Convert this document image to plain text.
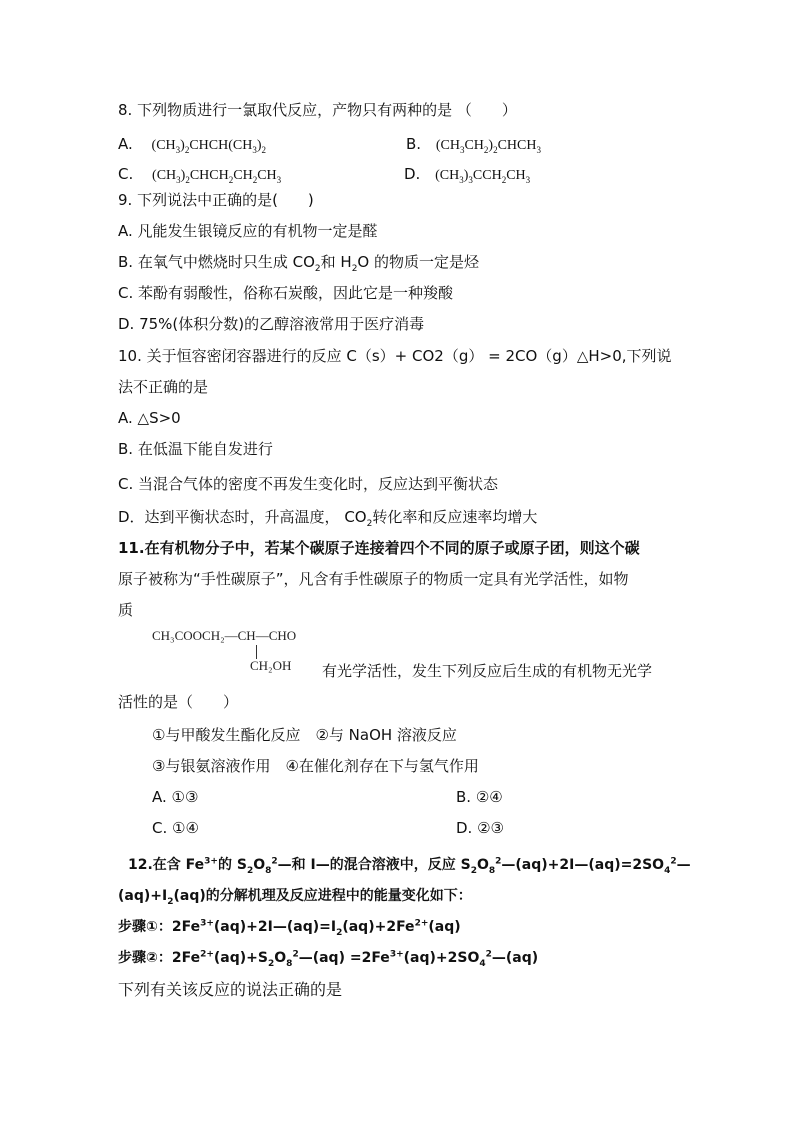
8. 下列物质进行一氯取代反应，产物只有两种的是 （　　）
A. $(CH_3)_2CHCH(CH_3)_2$	B. $(CH_3CH_2)_2CHCH_3$
C. $(CH_3)_2CHCH_2CH_2CH_3$	D. $(CH_3)_3CCH_2CH_3$
9. 下列说法中正确的是(　　)
A. 凡能发生银镜反应的有机物一定是醛
B. 在氧气中燃烧时只生成 $CO_2$和 $H_2O$ 的物质一定是烃
C. 苯酚有弱酸性，俗称石炭酸，因此它是一种羧酸
D. 75%(体积分数)的乙醇溶液常用于医疗消毒
10. 关于恒容密闭容器进行的反应 C（s）+ CO2（g） = 2CO（g）△H>0,下列说
法不正确的是
A. △S>0
B. 在低温下能自发进行
C. 当混合气体的密度不再发生变化时，反应达到平衡状态
D．达到平衡状态时，升高温度， $CO_2$转化率和反应速率均增大
11.在有机物分子中，若某个碳原子连接着四个不同的原子或原子团，则这个碳
原子被称为“手性碳原子”，凡含有手性碳原子的物质一定具有光学活性，如物
质
CH₃COOCH₂—CH—CHO
CH₂OH 有光学活性，发生下列反应后生成的有机物无光学
活性的是（　　）
①与甲酸发生酯化反应　②与 NaOH 溶液反应
③与银氨溶液作用　④在催化剂存在下与氢气作用
A. ①③	B. ②④
C. ①④	D. ②③
12.在含 $Fe^{3+}$的 $S_2O_8^2—$和 I—的混合溶液中，反应 $S_2O_8^2—(aq)+2I—(aq)=2SO_4^2—$
$(aq)+I_2(aq)$的分解机理及反应进程中的能量变化如下：
步骤①：$2Fe^{3+}(aq)+2I—(aq)=I_2(aq)+2Fe^{2+}(aq)$
步骤②：$2Fe^{2+}(aq)+S_2O_8^2—(aq)$ $=2Fe^{3+}(aq)+2SO_4^2—(aq)$
下列有关该反应的说法正确的是
